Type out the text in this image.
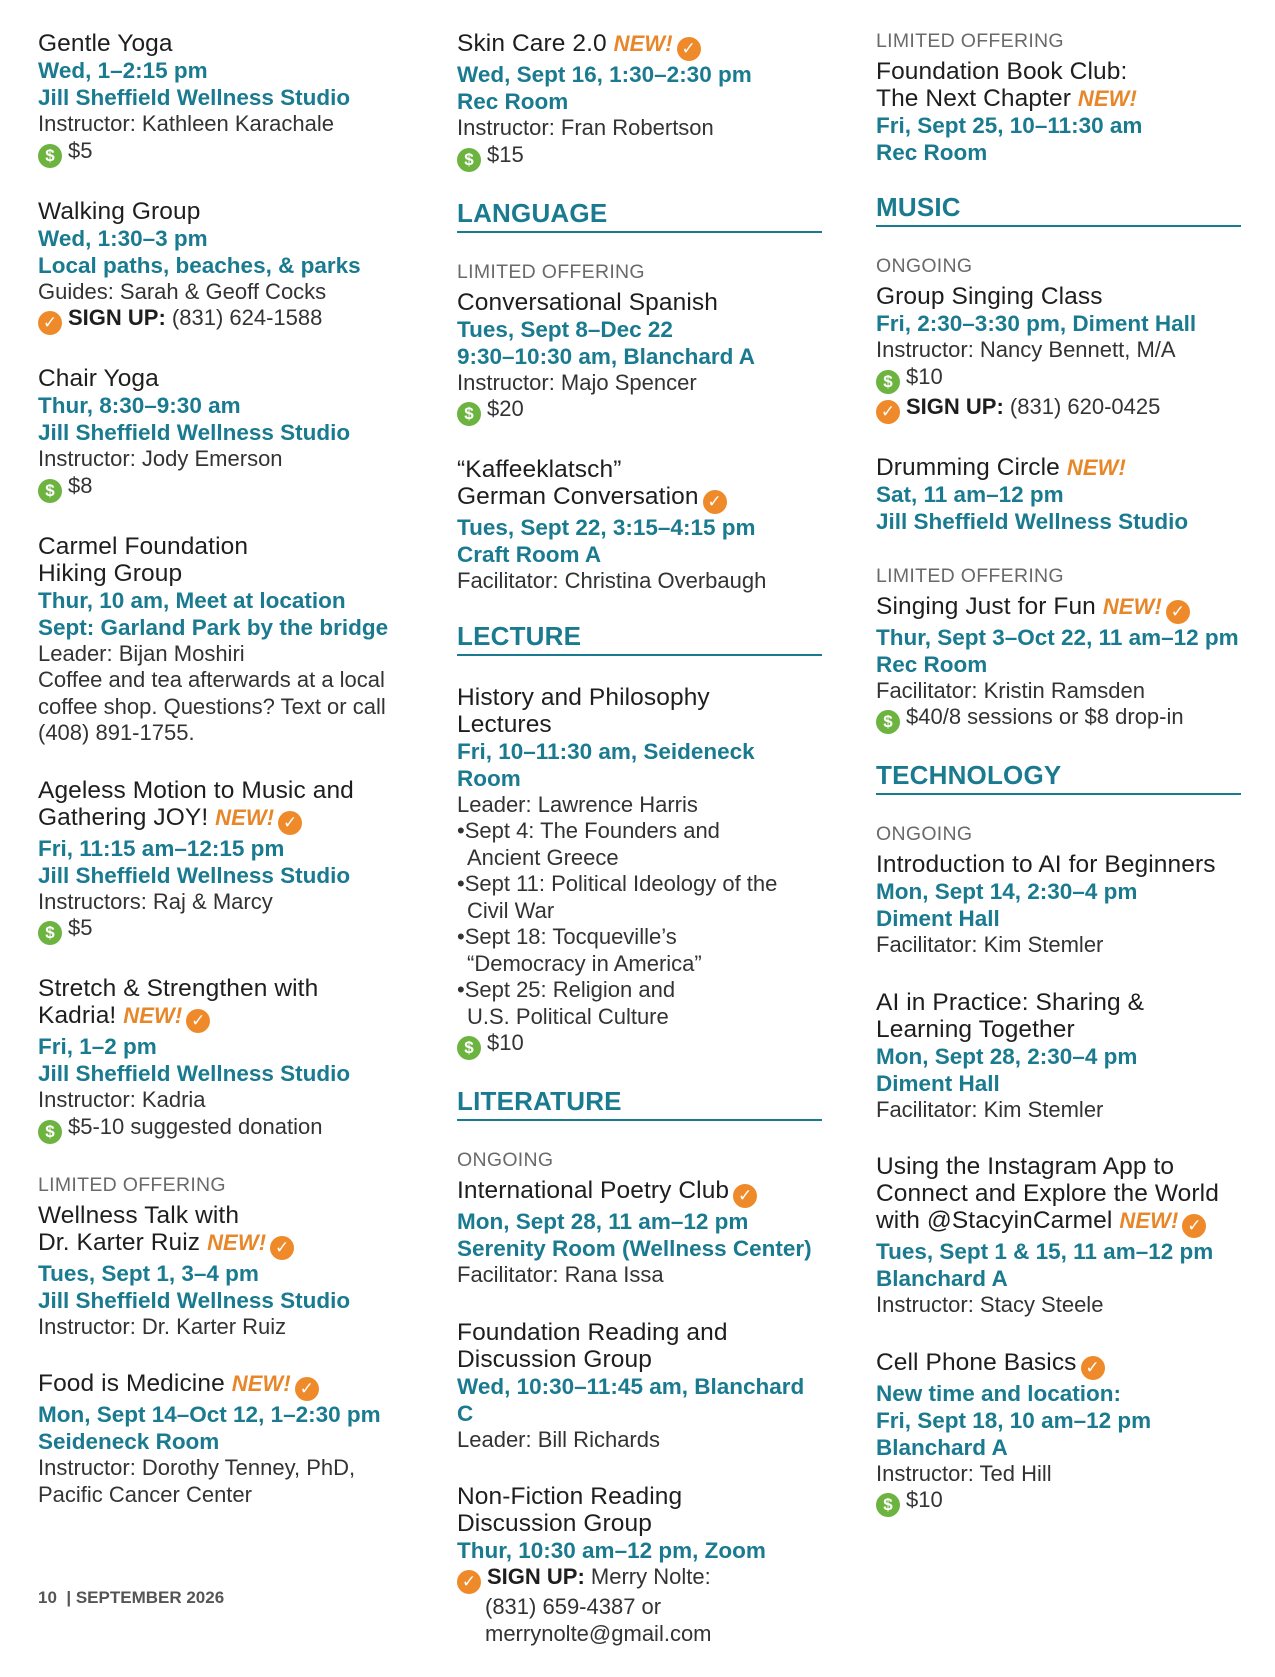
Gentle Yoga
Wed, 1–2:15 pm
Jill Sheffield Wellness Studio
Instructor: Kathleen Karachale
$ $5
Walking Group
Wed, 1:30–3 pm
Local paths, beaches, & parks
Guides: Sarah & Geoff Cocks
✓ SIGN UP: (831) 624-1588
Chair Yoga
Thur, 8:30–9:30 am
Jill Sheffield Wellness Studio
Instructor: Jody Emerson
$ $8
Carmel Foundation
Hiking Group
Thur, 10 am, Meet at location
Sept: Garland Park by the bridge
Leader: Bijan Moshiri
Coffee and tea afterwards at a local
coffee shop. Questions? Text or call
(408) 891-1755.
Ageless Motion to Music and
Gathering JOY! NEW! ✓
Fri, 11:15 am–12:15 pm
Jill Sheffield Wellness Studio
Instructors: Raj & Marcy
$ $5
Stretch & Strengthen with
Kadria! NEW! ✓
Fri, 1–2 pm
Jill Sheffield Wellness Studio
Instructor: Kadria
$ $5-10 suggested donation
LIMITED OFFERING
Wellness Talk with
Dr. Karter Ruiz NEW! ✓
Tues, Sept 1, 3–4 pm
Jill Sheffield Wellness Studio
Instructor: Dr. Karter Ruiz
Food is Medicine NEW! ✓
Mon, Sept 14–Oct 12, 1–2:30 pm
Seideneck Room
Instructor: Dorothy Tenney, PhD,
Pacific Cancer Center
Skin Care 2.0 NEW! ✓
Wed, Sept 16, 1:30–2:30 pm
Rec Room
Instructor: Fran Robertson
$ $15
LANGUAGE
LIMITED OFFERING
Conversational Spanish
Tues, Sept 8–Dec 22
9:30–10:30 am, Blanchard A
Instructor: Majo Spencer
$ $20
“Kaffeeklatsch”
German Conversation ✓
Tues, Sept 22, 3:15–4:15 pm
Craft Room A
Facilitator: Christina Overbaugh
LECTURE
History and Philosophy
Lectures
Fri, 10–11:30 am, Seideneck Room
Leader: Lawrence Harris
•Sept 4: The Founders and
Ancient Greece
•Sept 11: Political Ideology of the
Civil War
•Sept 18: Tocqueville’s
“Democracy in America”
•Sept 25: Religion and
U.S. Political Culture
$ $10
LITERATURE
ONGOING
International Poetry Club ✓
Mon, Sept 28, 11 am–12 pm
Serenity Room (Wellness Center)
Facilitator: Rana Issa
Foundation Reading and
Discussion Group
Wed, 10:30–11:45 am, Blanchard C
Leader: Bill Richards
Non-Fiction Reading
Discussion Group
Thur, 10:30 am–12 pm, Zoom
✓ SIGN UP: Merry Nolte:
(831) 659-4387 or
merrynolte@gmail.com
LIMITED OFFERING
Foundation Book Club:
The Next Chapter NEW!
Fri, Sept 25, 10–11:30 am
Rec Room
MUSIC
ONGOING
Group Singing Class
Fri, 2:30–3:30 pm, Diment Hall
Instructor: Nancy Bennett, M/A
$ $10
✓ SIGN UP: (831) 620-0425
Drumming Circle NEW!
Sat, 11 am–12 pm
Jill Sheffield Wellness Studio
LIMITED OFFERING
Singing Just for Fun NEW! ✓
Thur, Sept 3–Oct 22, 11 am–12 pm
Rec Room
Facilitator: Kristin Ramsden
$ $40/8 sessions or $8 drop-in
TECHNOLOGY
ONGOING
Introduction to AI for Beginners
Mon, Sept 14, 2:30–4 pm
Diment Hall
Facilitator: Kim Stemler
AI in Practice: Sharing &
Learning Together
Mon, Sept 28, 2:30–4 pm
Diment Hall
Facilitator: Kim Stemler
Using the Instagram App to
Connect and Explore the World
with @StacyinCarmel NEW! ✓
Tues, Sept 1 & 15, 11 am–12 pm
Blanchard A
Instructor: Stacy Steele
Cell Phone Basics ✓
New time and location:
Fri, Sept 18, 10 am–12 pm
Blanchard A
Instructor: Ted Hill
$ $10
10  | SEPTEMBER 2026
